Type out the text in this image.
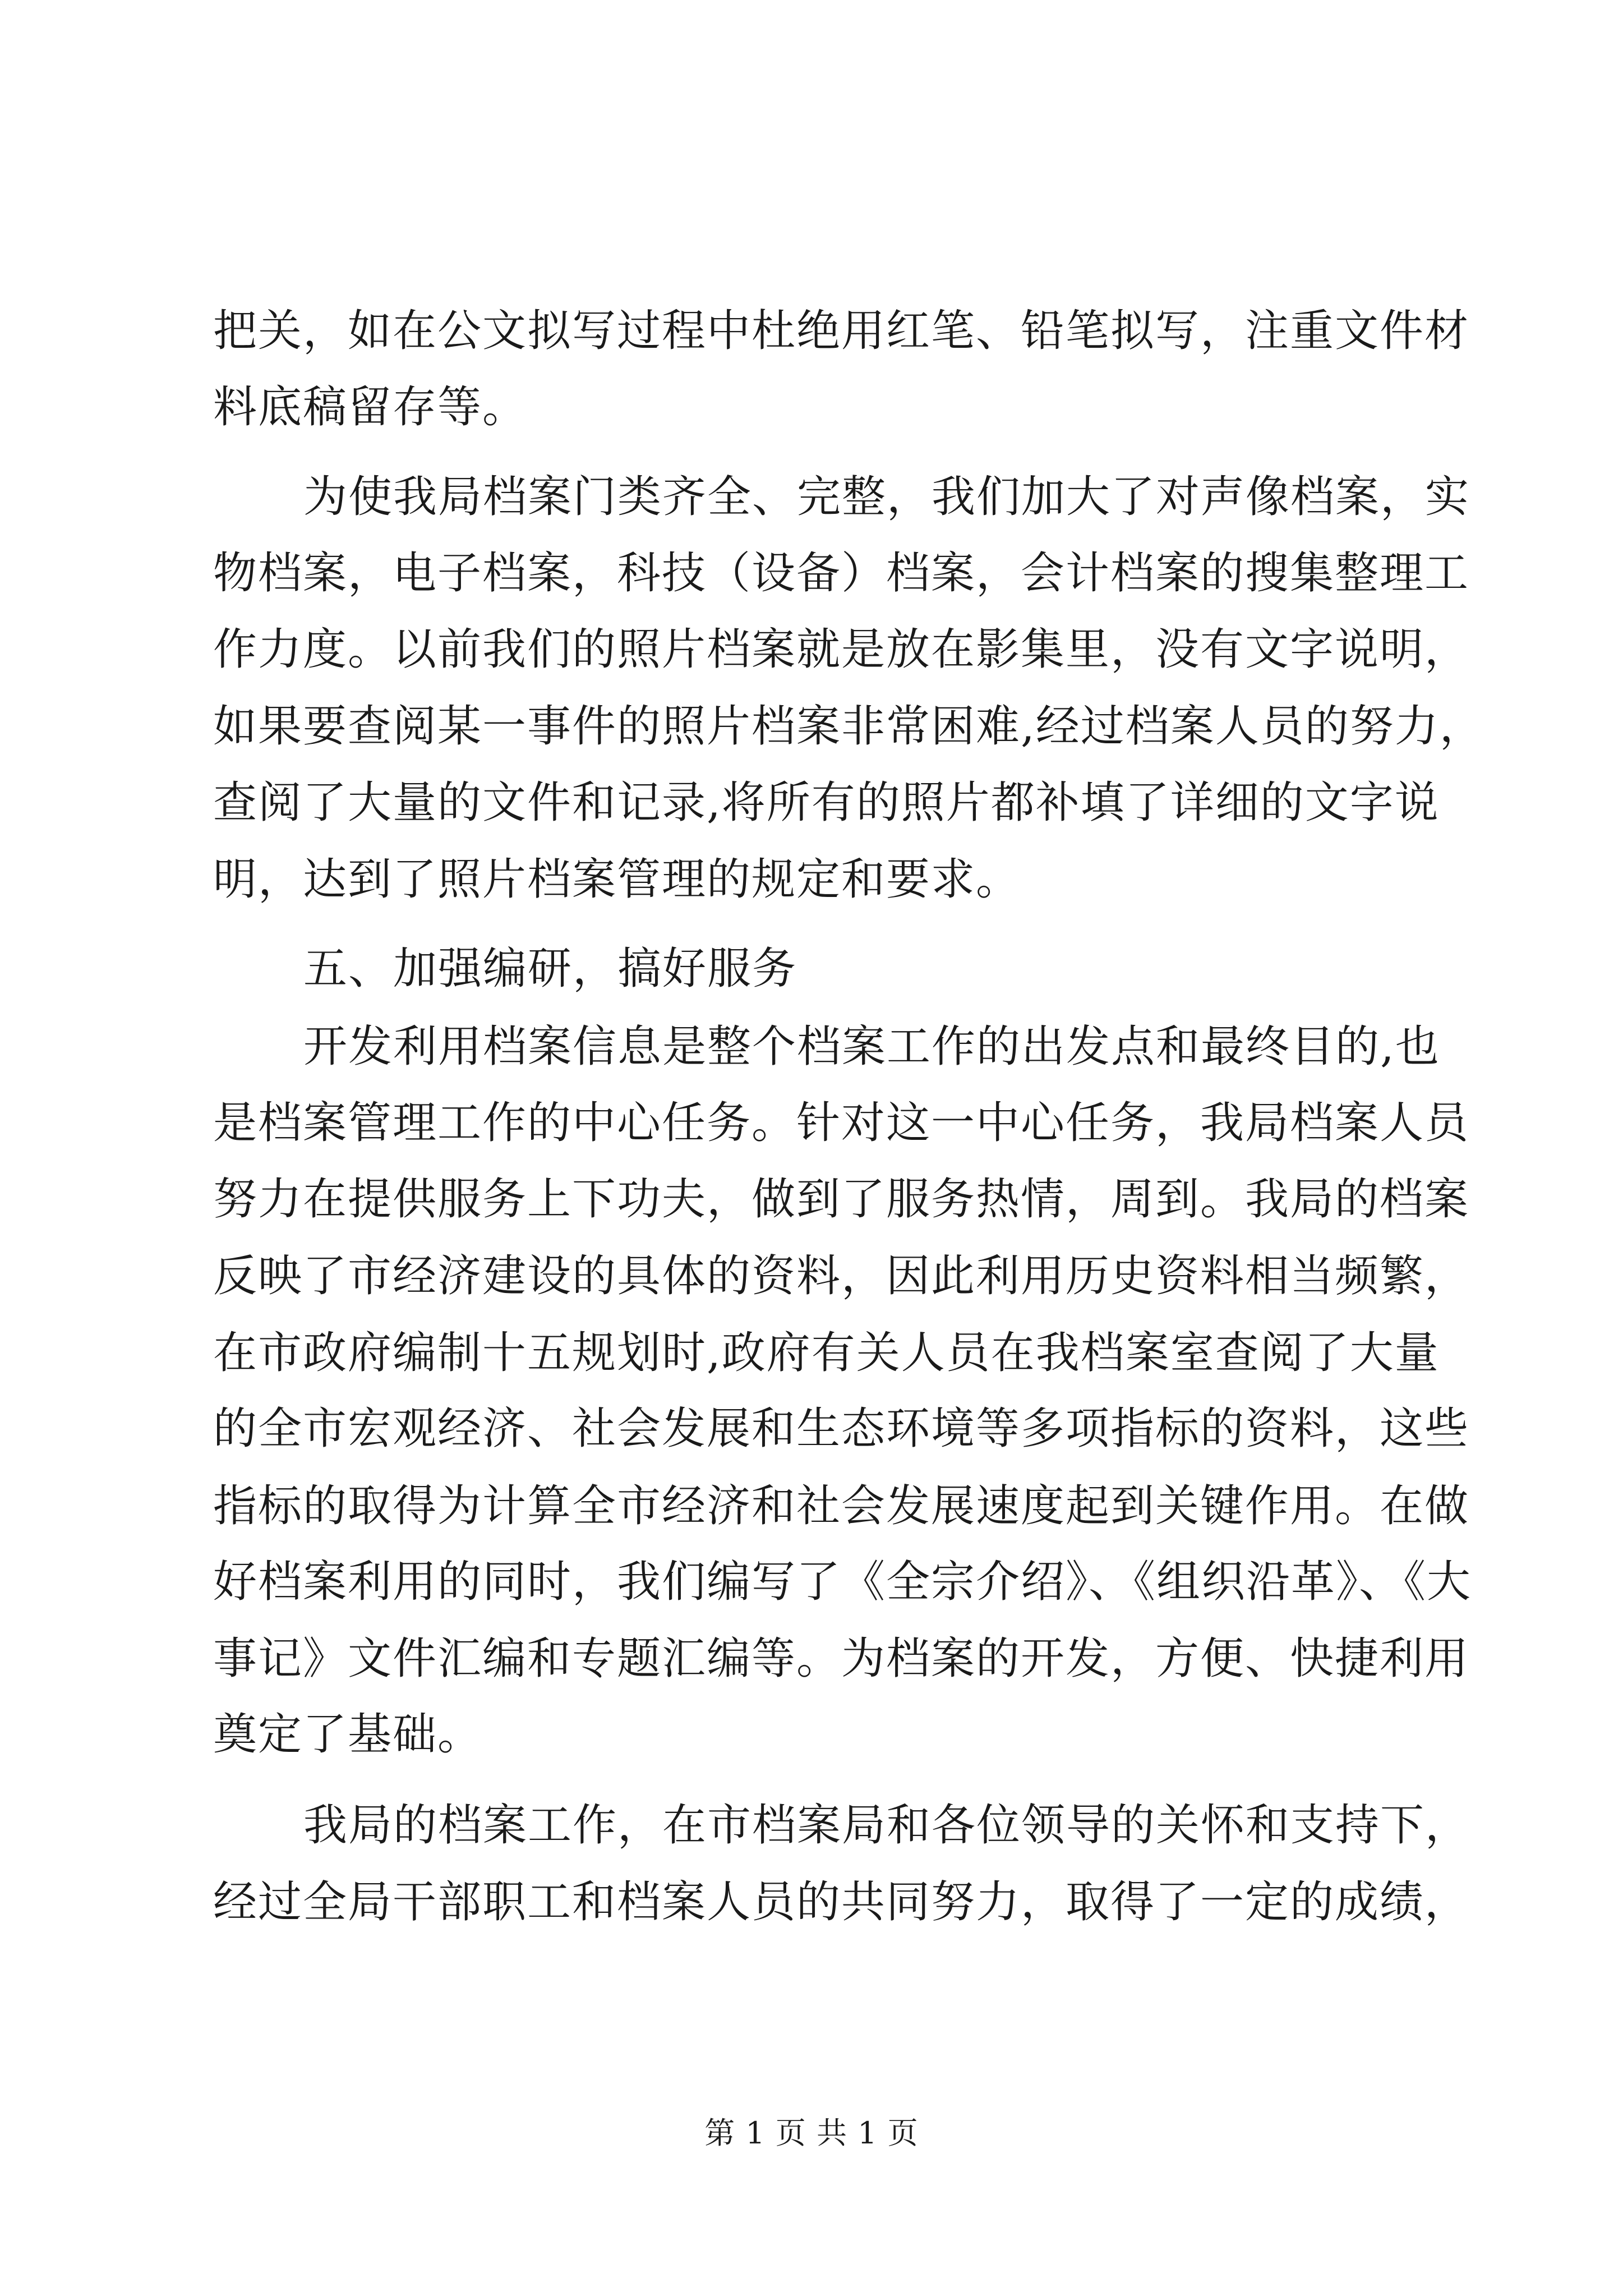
把关，如在公文拟写过程中杜绝用红笔、铅笔拟写，注重文件材
料底稿留存等。
为使我局档案门类齐全、完整，我们加大了对声像档案，实
物档案，电子档案，科技（设备）档案，会计档案的搜集整理工
作力度。以前我们的照片档案就是放在影集里，没有文字说明，
如果要查阅某一事件的照片档案非常困难,经过档案人员的努力，
查阅了大量的文件和记录,将所有的照片都补填了详细的文字说
明，达到了照片档案管理的规定和要求。
五、加强编研，搞好服务
开发利用档案信息是整个档案工作的出发点和最终目的,也
是档案管理工作的中心任务。针对这一中心任务，我局档案人员
努力在提供服务上下功夫，做到了服务热情，周到。我局的档案
反映了市经济建设的具体的资料，因此利用历史资料相当频繁，
在市政府编制十五规划时,政府有关人员在我档案室查阅了大量
的全市宏观经济、社会发展和生态环境等多项指标的资料，这些
指标的取得为计算全市经济和社会发展速度起到关键作用。在做
好档案利用的同时，我们编写了《全宗介绍》、《组织沿革》、《大
事记》文件汇编和专题汇编等。为档案的开发，方便、快捷利用
奠定了基础。
我局的档案工作，在市档案局和各位领导的关怀和支持下，
经过全局干部职工和档案人员的共同努力，取得了一定的成绩，
第 1 页 共 1 页
